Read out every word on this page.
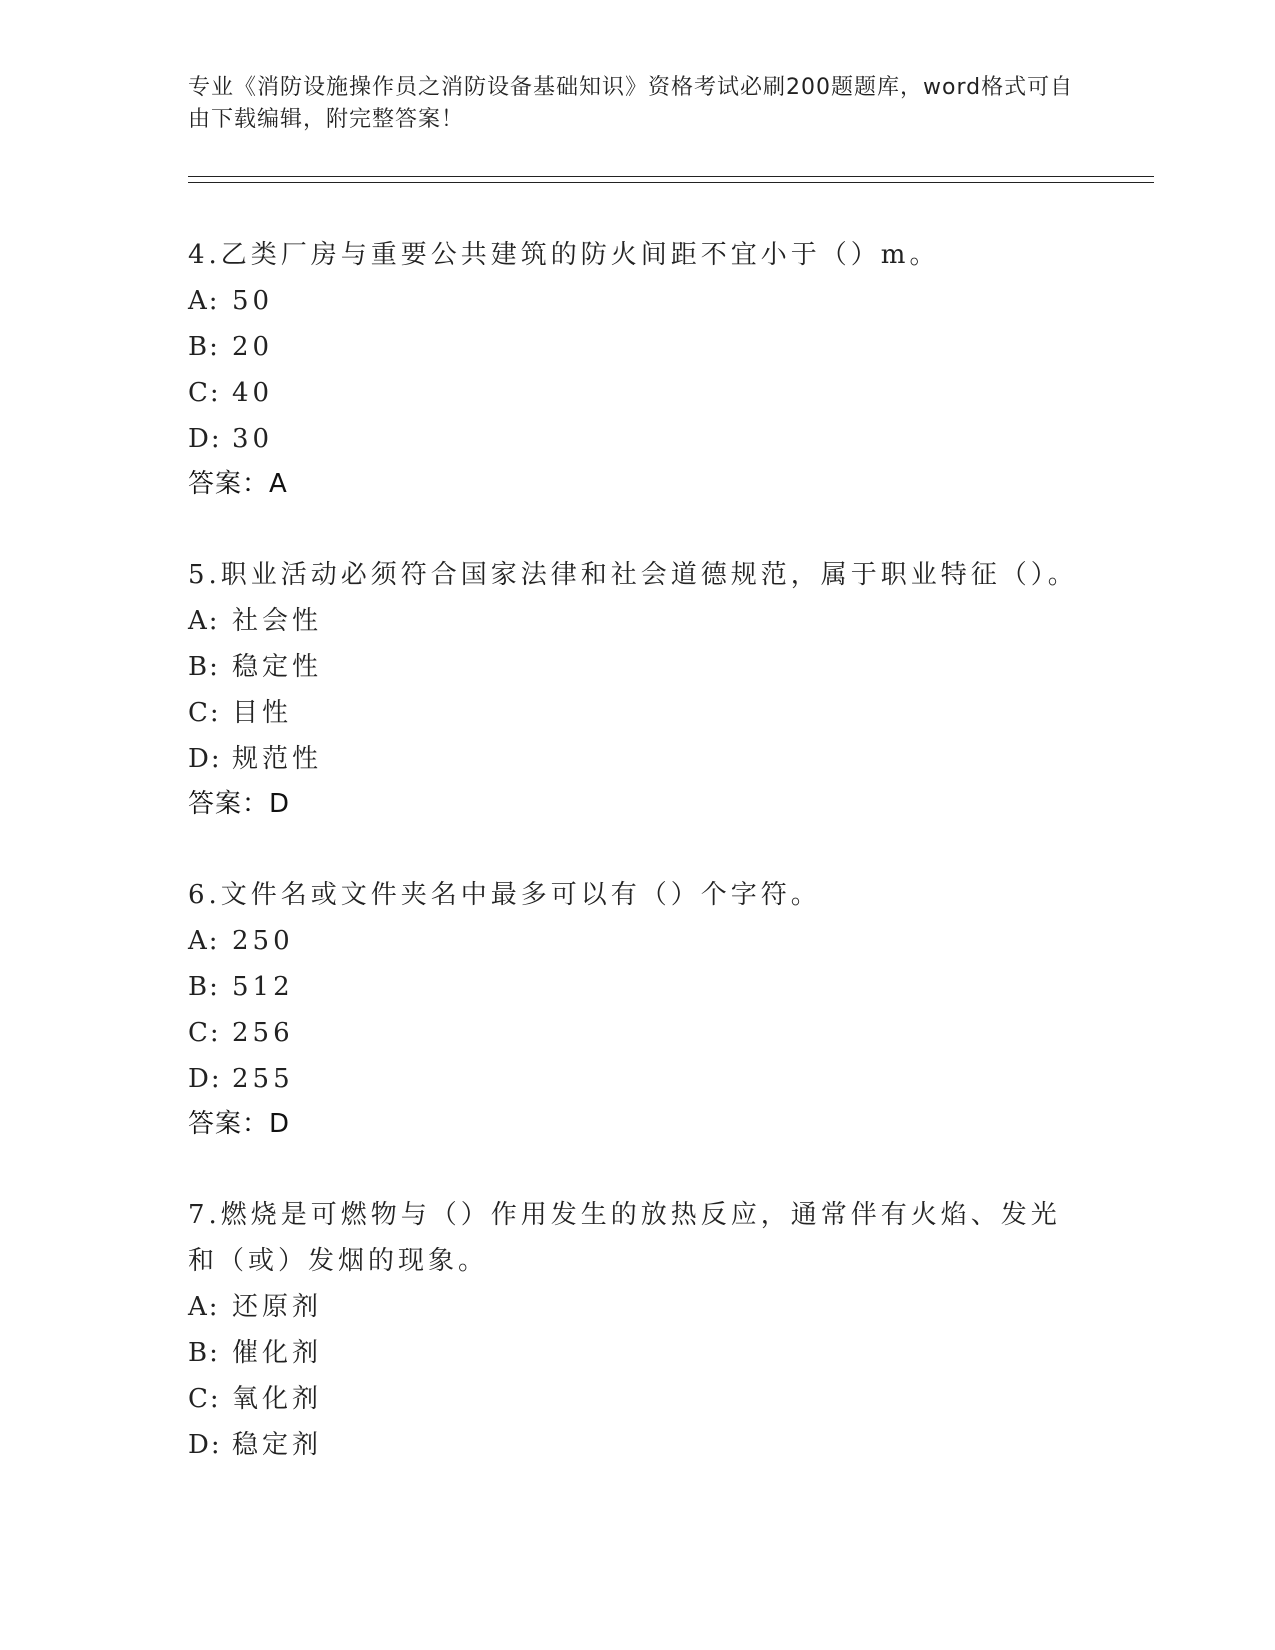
专业《消防设施操作员之消防设备基础知识》资格考试必刷200题题库，word格式可自由下载编辑，附完整答案！
4.乙类厂房与重要公共建筑的防火间距不宜小于（）m。
A: 50
B: 20
C: 40
D: 30
答案：A
5.职业活动必须符合国家法律和社会道德规范，属于职业特征（）。
A: 社会性
B: 稳定性
C: 目性
D: 规范性
答案：D
6.文件名或文件夹名中最多可以有（）个字符。
A: 250
B: 512
C: 256
D: 255
答案：D
7.燃烧是可燃物与（）作用发生的放热反应，通常伴有火焰、发光和（或）发烟的现象。
A: 还原剂
B: 催化剂
C: 氧化剂
D: 稳定剂
